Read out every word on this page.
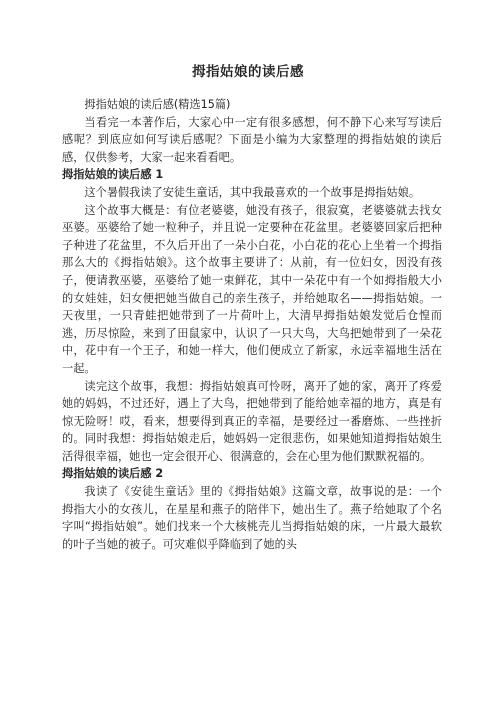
拇指姑娘的读后感

拇指姑娘的读后感(精选15篇)

当看完一本著作后，大家心中一定有很多感想，何不静下心来写写读后感呢？到底应如何写读后感呢？下面是小编为大家整理的拇指姑娘的读后感，仅供参考，大家一起来看看吧。

拇指姑娘的读后感 1

这个暑假我读了安徒生童话，其中我最喜欢的一个故事是拇指姑娘。

这个故事大概是：有位老婆婆，她没有孩子，很寂寞，老婆婆就去找女巫婆。巫婆给了她一粒种子，并且说一定要种在花盆里。老婆婆回家后把种子种进了花盆里，不久后开出了一朵小白花，小白花的花心上坐着一个拇指那么大的《拇指姑娘》。这个故事主要讲了：从前，有一位妇女，因没有孩子，便请教巫婆，巫婆给了她一束鲜花，其中一朵花中有一个如拇指般大小的女娃娃，妇女便把她当做自己的亲生孩子，并给她取名——拇指姑娘。一天夜里，一只青蛙把她带到了一片荷叶上，大清早拇指姑娘发觉后仓惶而逃，历尽惊险，来到了田鼠家中，认识了一只大鸟，大鸟把她带到了一朵花中，花中有一个王子，和她一样大，他们便成立了新家，永远幸福地生活在一起。

读完这个故事，我想：拇指姑娘真可怜呀，离开了她的家，离开了疼爱她的妈妈，不过还好，遇上了大鸟，把她带到了能给她幸福的地方，真是有惊无险呀！哎，看来，想要得到真正的幸福，是要经过一番磨炼、一些挫折的。同时我想：拇指姑娘走后，她妈妈一定很悲伤，如果她知道拇指姑娘生活得很幸福，她也一定会很开心、很满意的，会在心里为他们默默祝福的。

拇指姑娘的读后感 2

我读了《安徒生童话》里的《拇指姑娘》这篇文章，故事说的是：一个拇指大小的女孩儿，在星星和燕子的陪伴下，她出生了。燕子给她取了个名字叫“拇指姑娘”。她们找来一个大核桃壳儿当拇指姑娘的床，一片最大最软的叶子当她的被子。可灾难似乎降临到了她的头
